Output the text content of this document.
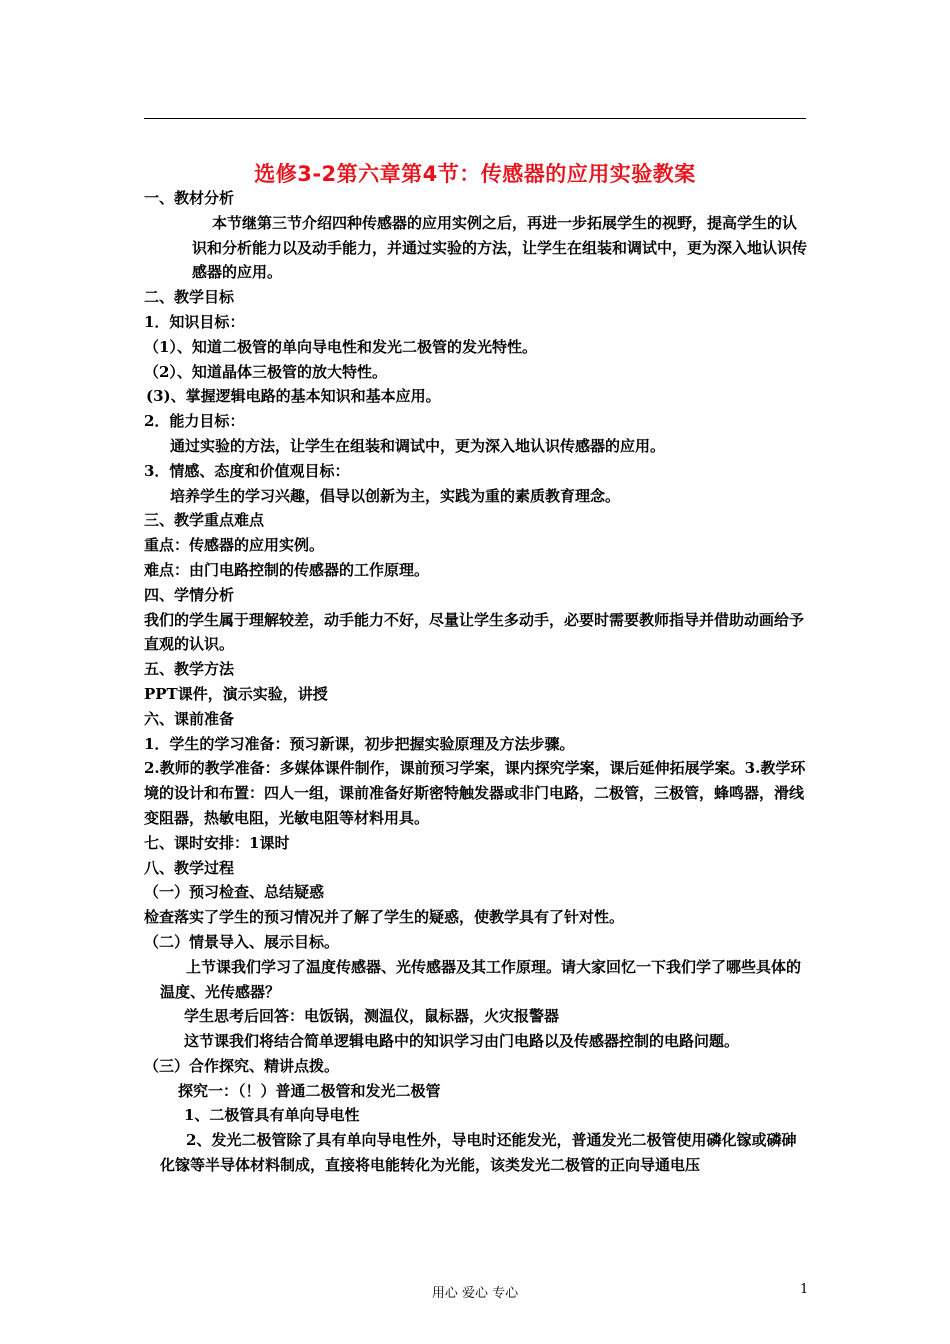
选修3-2第六章第4节：传感器的应用实验教案

一、教材分析

本节继第三节介绍四种传感器的应用实例之后，再进一步拓展学生的视野，提高学生的认识和分析能力以及动手能力，并通过实验的方法，让学生在组装和调试中，更为深入地认识传感器的应用。

二、教学目标

1．知识目标：

（1）、知道二极管的单向导电性和发光二极管的发光特性。

（2）、知道晶体三极管的放大特性。

(3)、掌握逻辑电路的基本知识和基本应用。

2．能力目标：

通过实验的方法，让学生在组装和调试中，更为深入地认识传感器的应用。

3．情感、态度和价值观目标：

培养学生的学习兴趣，倡导以创新为主，实践为重的素质教育理念。

三、教学重点难点

重点：传感器的应用实例。

难点：由门电路控制的传感器的工作原理。

四、学情分析

我们的学生属于理解较差，动手能力不好，尽量让学生多动手，必要时需要教师指导并借助动画给予直观的认识。

五、教学方法

PPT课件，演示实验，讲授

六、课前准备

1．学生的学习准备：预习新课，初步把握实验原理及方法步骤。

2.教师的教学准备：多媒体课件制作，课前预习学案，课内探究学案，课后延伸拓展学案。3.教学环境的设计和布置：四人一组，课前准备好斯密特触发器或非门电路，二极管，三极管，蜂鸣器，滑线变阻器，热敏电阻，光敏电阻等材料用具。

七、课时安排：1课时

八、教学过程

（一）预习检查、总结疑惑

检查落实了学生的预习情况并了解了学生的疑惑，使教学具有了针对性。

（二）情景导入、展示目标。

上节课我们学习了温度传感器、光传感器及其工作原理。请大家回忆一下我们学了哪些具体的温度、光传感器？

学生思考后回答：电饭锅，测温仪，鼠标器，火灾报警器

这节课我们将结合简单逻辑电路中的知识学习由门电路以及传感器控制的电路问题。

（三）合作探究、精讲点拨。

探究一：（！）普通二极管和发光二极管

1、二极管具有单向导电性

2、发光二极管除了具有单向导电性外，导电时还能发光，普通发光二极管使用磷化镓或磷砷化镓等半导体材料制成，直接将电能转化为光能，该类发光二极管的正向导通电压

用心 爱心 专心	1
